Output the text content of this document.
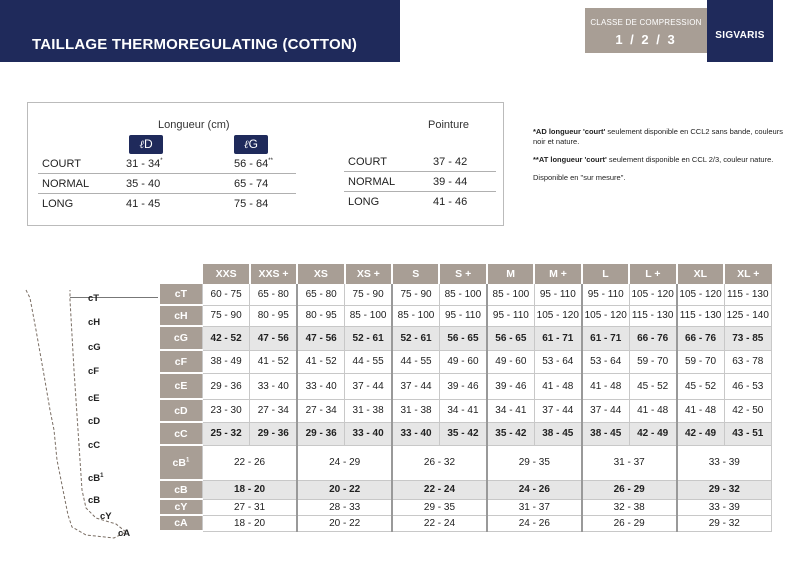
TAILLAGE THERMOREGULATING (COTTON)
CLASSE DE COMPRESSION
1 / 2 / 3	SIGVARIS
Longueur (cm)
ℓD	ℓG
COURT	31 - 34*	56 - 64**
NORMAL	35 - 40	65 - 74
LONG	41 - 45	75 - 84
Pointure
COURT	37 - 42
NORMAL	39 - 44
LONG	41 - 46

*AD longueur 'court' seulement disponible en CCL2 sans bande, couleurs noir et nature.

**AT longueur 'court' seulement disponible en CCL 2/3, couleur nature.

Disponible en "sur mesure".

cT
cH
cG
cF
cE
cD
cC
$cB^1$
cB
cY
cA
	XXS	XXS +	XS	XS +	S	S +	M	M +	L	L +	XL	XL +
cT	60 - 75	65 - 80	65 - 80	75 - 90	75 - 90	85 - 100	85 - 100	95 - 110	95 - 110	105 - 120	105 - 120	115 - 130
cH	75 - 90	80 - 95	80 - 95	85 - 100	85 - 100	95 - 110	95 - 110	105 - 120	105 - 120	115 - 130	115 - 130	125 - 140
cG	42 - 52	47 - 56	47 - 56	52 - 61	52 - 61	56 - 65	56 - 65	61 - 71	61 - 71	66 - 76	66 - 76	73 - 85
cF	38 - 49	41 - 52	41 - 52	44 - 55	44 - 55	49 - 60	49 - 60	53 - 64	53 - 64	59 - 70	59 - 70	63 - 78
cE	29 - 36	33 - 40	33 - 40	37 - 44	37 - 44	39 - 46	39 - 46	41 - 48	41 - 48	45 - 52	45 - 52	46 - 53
cD	23 - 30	27 - 34	27 - 34	31 - 38	31 - 38	34 - 41	34 - 41	37 - 44	37 - 44	41 - 48	41 - 48	42 - 50
cC	25 - 32	29 - 36	29 - 36	33 - 40	33 - 40	35 - 42	35 - 42	38 - 45	38 - 45	42 - 49	42 - 49	43 - 51
$cB^1$	22 - 26		24 - 29		26 - 32		29 - 35		31 - 37		33 - 39	
cB	18 - 20		20 - 22		22 - 24		24 - 26		26 - 29		29 - 32	
cY	27 - 31		28 - 33		29 - 35		31 - 37		32 - 38		33 - 39	
cA	18 - 20		20 - 22		22 - 24		24 - 26		26 - 29		29 - 32	
